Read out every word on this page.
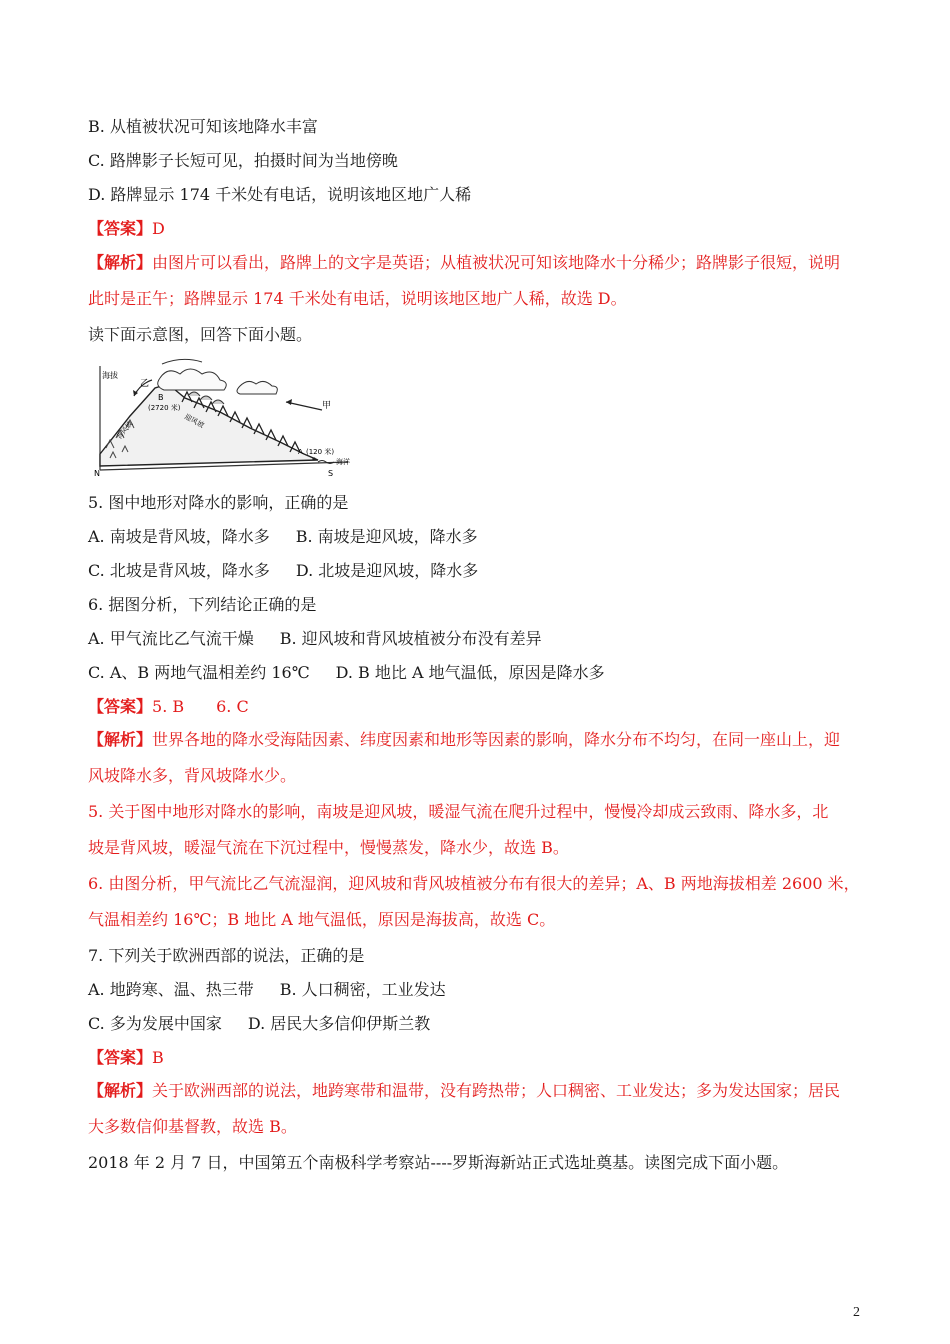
B. 从植被状况可知该地降水丰富
C. 路牌影子长短可见，拍摄时间为当地傍晚
D. 路牌显示 174 千米处有电话，说明该地区地广人稀
【答案】D
【解析】由图片可以看出，路牌上的文字是英语；从植被状况可知该地降水十分稀少；路牌影子很短，说明
此时是正午；路牌显示 174 千米处有电话，说明该地区地广人稀，故选 D。
读下面示意图，回答下面小题。
海拔
N	S
乙
甲
B
(2720 米)
背风坡	迎风坡
A (120 米)
海洋
5. 图中地形对降水的影响，正确的是
A. 南坡是背风坡，降水多 B. 南坡是迎风坡，降水多
C. 北坡是背风坡，降水多 D. 北坡是迎风坡，降水多
6. 据图分析，下列结论正确的是
A. 甲气流比乙气流干燥 B. 迎风坡和背风坡植被分布没有差异
C. A、B 两地气温相差约 16℃ D. B 地比 A 地气温低，原因是降水多
【答案】5. B　　6. C
【解析】世界各地的降水受海陆因素、纬度因素和地形等因素的影响，降水分布不均匀，在同一座山上，迎
风坡降水多，背风坡降水少。
5. 关于图中地形对降水的影响，南坡是迎风坡，暖湿气流在爬升过程中，慢慢冷却成云致雨、降水多，北
坡是背风坡，暖湿气流在下沉过程中，慢慢蒸发，降水少，故选 B。
6. 由图分析，甲气流比乙气流湿润，迎风坡和背风坡植被分布有很大的差异；A、B 两地海拔相差 2600 米，
气温相差约 16℃；B 地比 A 地气温低，原因是海拔高，故选 C。
7. 下列关于欧洲西部的说法，正确的是
A. 地跨寒、温、热三带 B. 人口稠密，工业发达
C. 多为发展中国家 D. 居民大多信仰伊斯兰教
【答案】B
【解析】关于欧洲西部的说法，地跨寒带和温带，没有跨热带；人口稠密、工业发达；多为发达国家；居民
大多数信仰基督教，故选 B。
2018 年 2 月 7 日，中国第五个南极科学考察站----罗斯海新站正式选址奠基。读图完成下面小题。
2
